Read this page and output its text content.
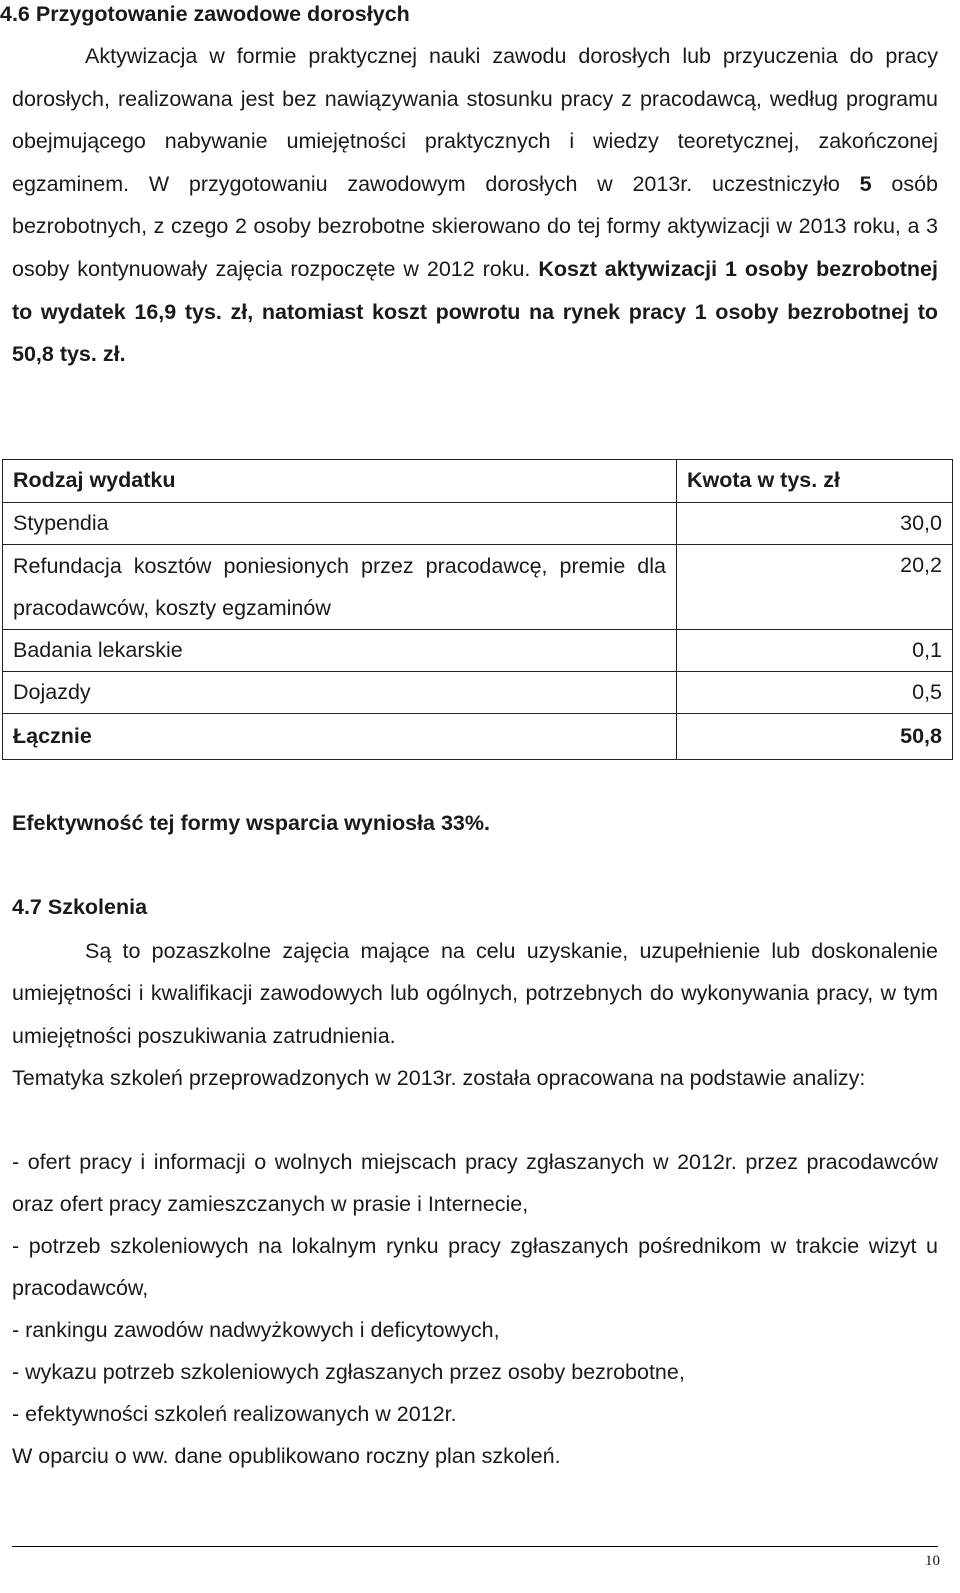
4.6 Przygotowanie zawodowe dorosłych
Aktywizacja w formie praktycznej nauki zawodu dorosłych lub przyuczenia do pracy dorosłych, realizowana jest bez nawiązywania stosunku pracy z pracodawcą, według programu obejmującego nabywanie umiejętności praktycznych i wiedzy teoretycznej, zakończonej egzaminem. W przygotowaniu zawodowym dorosłych w 2013r. uczestniczyło 5 osób bezrobotnych, z czego 2 osoby bezrobotne skierowano do tej formy aktywizacji w 2013 roku, a 3 osoby kontynuowały zajęcia rozpoczęte w 2012 roku. Koszt aktywizacji 1 osoby bezrobotnej to wydatek 16,9 tys. zł, natomiast koszt powrotu na rynek pracy 1 osoby bezrobotnej to 50,8 tys. zł.
Rodzaj wydatku	Kwota w tys. zł
Stypendia	30,0
Refundacja kosztów poniesionych przez pracodawcę, premie dla pracodawców, koszty egzaminów	20,2
Badania lekarskie	0,1
Dojazdy	0,5
Łącznie	50,8
Efektywność tej formy wsparcia wyniosła 33%.
4.7 Szkolenia
Są to pozaszkolne zajęcia mające na celu uzyskanie, uzupełnienie lub doskonalenie umiejętności i kwalifikacji zawodowych lub ogólnych, potrzebnych do wykonywania pracy, w tym umiejętności poszukiwania zatrudnienia.
Tematyka szkoleń przeprowadzonych w 2013r. została opracowana na podstawie analizy:
- ofert pracy i informacji o wolnych miejscach pracy zgłaszanych w 2012r. przez pracodawców oraz ofert pracy zamieszczanych w prasie i Internecie,
- potrzeb szkoleniowych na lokalnym rynku pracy zgłaszanych pośrednikom w trakcie wizyt u pracodawców,
- rankingu zawodów nadwyżkowych i deficytowych,
- wykazu potrzeb szkoleniowych zgłaszanych przez osoby bezrobotne,
- efektywności szkoleń realizowanych w 2012r.
W oparciu o ww. dane opublikowano roczny plan szkoleń.
10
